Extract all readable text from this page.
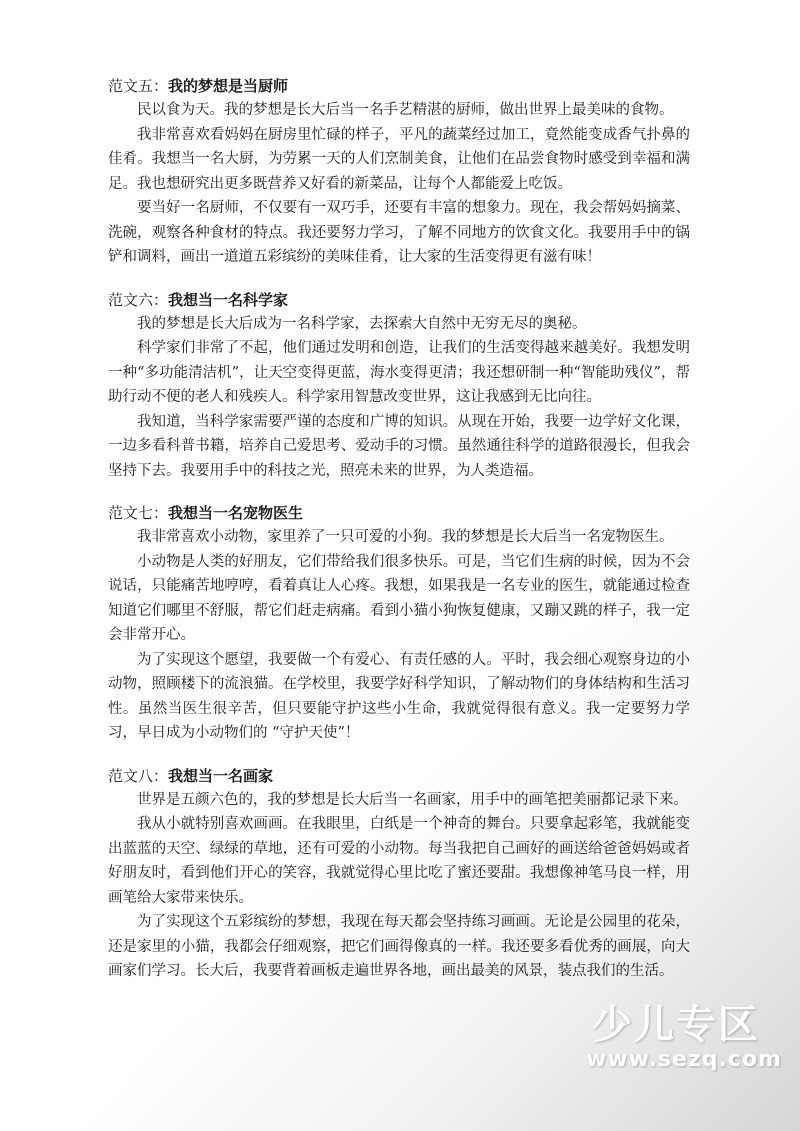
范文五：我的梦想是当厨师

民以食为天。我的梦想是长大后当一名手艺精湛的厨师，做出世界上最美味的食物。

我非常喜欢看妈妈在厨房里忙碌的样子，平凡的蔬菜经过加工，竟然能变成香气扑鼻的佳肴。我想当一名大厨，为劳累一天的人们烹制美食，让他们在品尝食物时感受到幸福和满足。我也想研究出更多既营养又好看的新菜品，让每个人都能爱上吃饭。

要当好一名厨师，不仅要有一双巧手，还要有丰富的想象力。现在，我会帮妈妈摘菜、洗碗，观察各种食材的特点。我还要努力学习，了解不同地方的饮食文化。我要用手中的锅铲和调料，画出一道道五彩缤纷的美味佳肴，让大家的生活变得更有滋有味！

范文六：我想当一名科学家

我的梦想是长大后成为一名科学家，去探索大自然中无穷无尽的奥秘。

科学家们非常了不起，他们通过发明和创造，让我们的生活变得越来越美好。我想发明一种“多功能清洁机”，让天空变得更蓝，海水变得更清；我还想研制一种“智能助残仪”，帮助行动不便的老人和残疾人。科学家用智慧改变世界，这让我感到无比向往。

我知道，当科学家需要严谨的态度和广博的知识。从现在开始，我要一边学好文化课，一边多看科普书籍，培养自己爱思考、爱动手的习惯。虽然通往科学的道路很漫长，但我会坚持下去。我要用手中的科技之光，照亮未来的世界，为人类造福。

范文七：我想当一名宠物医生

我非常喜欢小动物，家里养了一只可爱的小狗。我的梦想是长大后当一名宠物医生。

小动物是人类的好朋友，它们带给我们很多快乐。可是，当它们生病的时候，因为不会说话，只能痛苦地哼哼，看着真让人心疼。我想，如果我是一名专业的医生，就能通过检查知道它们哪里不舒服，帮它们赶走病痛。看到小猫小狗恢复健康，又蹦又跳的样子，我一定会非常开心。

为了实现这个愿望，我要做一个有爱心、有责任感的人。平时，我会细心观察身边的小动物，照顾楼下的流浪猫。在学校里，我要学好科学知识，了解动物们的身体结构和生活习性。虽然当医生很辛苦，但只要能守护这些小生命，我就觉得很有意义。我一定要努力学习，早日成为小动物们的 “守护天使”！

范文八：我想当一名画家

世界是五颜六色的，我的梦想是长大后当一名画家，用手中的画笔把美丽都记录下来。

我从小就特别喜欢画画。在我眼里，白纸是一个神奇的舞台。只要拿起彩笔，我就能变出蓝蓝的天空、绿绿的草地，还有可爱的小动物。每当我把自己画好的画送给爸爸妈妈或者好朋友时，看到他们开心的笑容，我就觉得心里比吃了蜜还要甜。我想像神笔马良一样，用画笔给大家带来快乐。

为了实现这个五彩缤纷的梦想，我现在每天都会坚持练习画画。无论是公园里的花朵，还是家里的小猫，我都会仔细观察，把它们画得像真的一样。我还要多看优秀的画展，向大画家们学习。长大后，我要背着画板走遍世界各地，画出最美的风景，装点我们的生活。

少儿专区
www.sezq.com
